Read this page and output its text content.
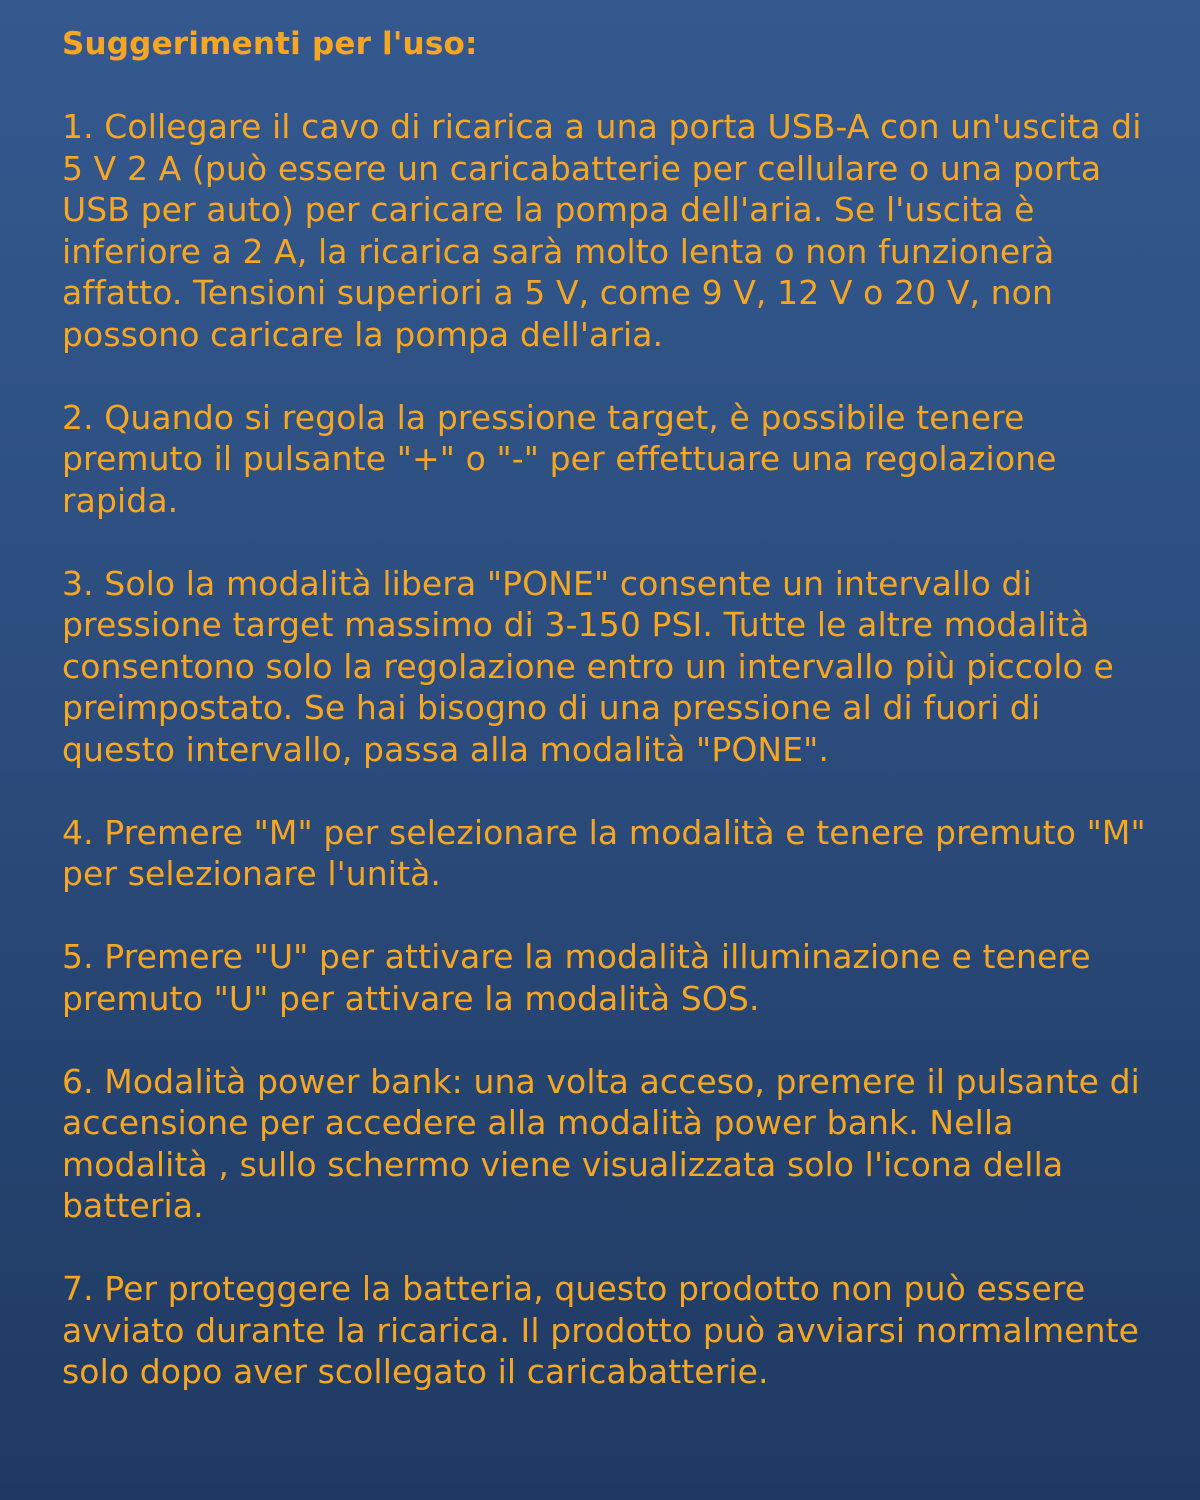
Suggerimenti per l'uso:

1. Collegare il cavo di ricarica a una porta USB-A con un'uscita di 5 V 2 A (può essere un caricabatterie per cellulare o una porta USB per auto) per caricare la pompa dell'aria. Se l'uscita è inferiore a 2 A, la ricarica sarà molto lenta o non funzionerà affatto. Tensioni superiori a 5 V, come 9 V, 12 V o 20 V, non possono caricare la pompa dell'aria.

2. Quando si regola la pressione target, è possibile tenere premuto il pulsante "+" o "-" per effettuare una regolazione rapida.

3. Solo la modalità libera "PONE" consente un intervallo di pressione target massimo di 3-150 PSI. Tutte le altre modalità consentono solo la regolazione entro un intervallo più piccolo e preimpostato. Se hai bisogno di una pressione al di fuori di questo intervallo, passa alla modalità "PONE".

4. Premere "M" per selezionare la modalità e tenere premuto "M" per selezionare l'unità.

5. Premere "U" per attivare la modalità illuminazione e tenere premuto "U" per attivare la modalità SOS.

6. Modalità power bank: una volta acceso, premere il pulsante di accensione per accedere alla modalità power bank. Nella modalità , sullo schermo viene visualizzata solo l'icona della batteria.

7. Per proteggere la batteria, questo prodotto non può essere avviato durante la ricarica. Il prodotto può avviarsi normalmente solo dopo aver scollegato il caricabatterie.
